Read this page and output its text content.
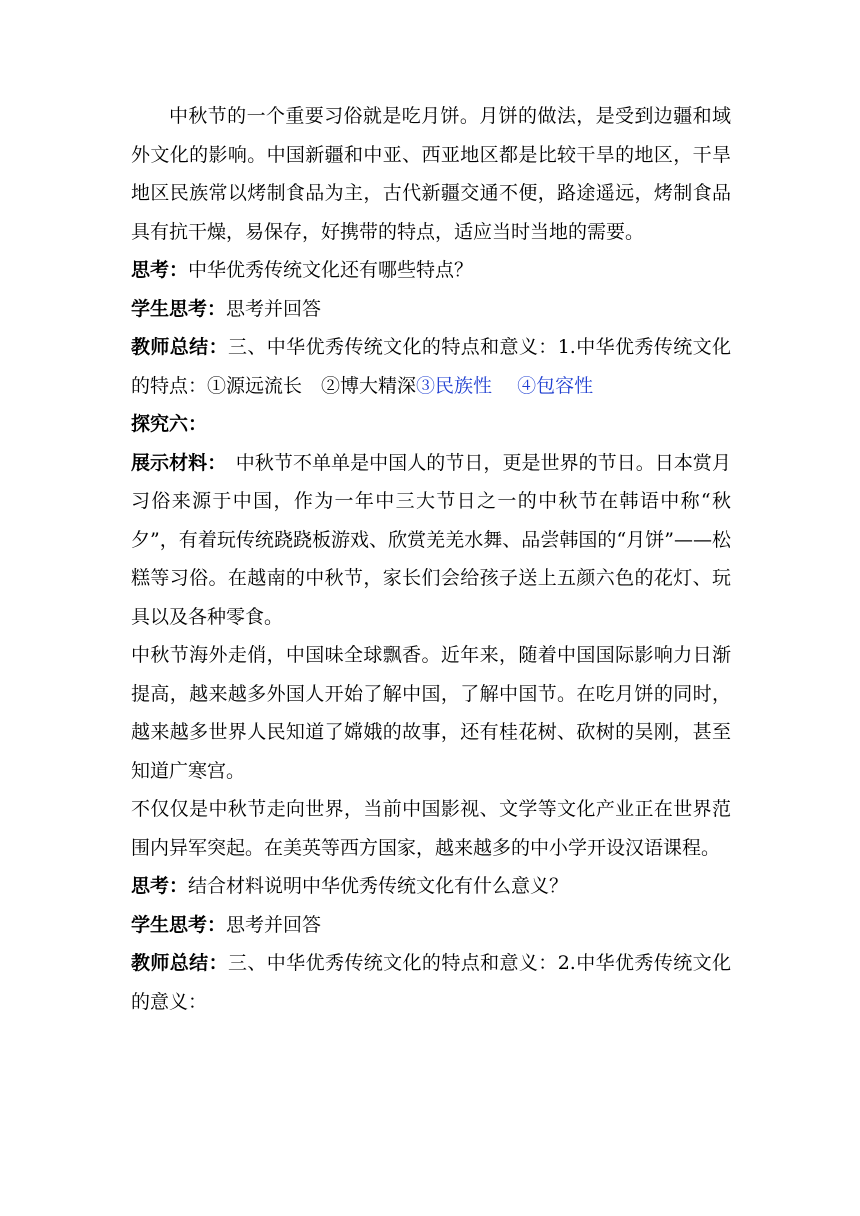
中秋节的一个重要习俗就是吃月饼。月饼的做法，是受到边疆和域外文化的影响。中国新疆和中亚、西亚地区都是比较干旱的地区，干旱地区民族常以烤制食品为主，古代新疆交通不便，路途遥远，烤制食品具有抗干燥，易保存，好携带的特点，适应当时当地的需要。

思考：中华优秀传统文化还有哪些特点？

学生思考：思考并回答

教师总结：三、中华优秀传统文化的特点和意义：1.中华优秀传统文化的特点：①源远流长　②博大精深③民族性　 ④包容性

探究六：

展示材料：　中秋节不单单是中国人的节日，更是世界的节日。日本赏月习俗来源于中国，作为一年中三大节日之一的中秋节在韩语中称“秋夕”，有着玩传统跷跷板游戏、欣赏羌羌水舞、品尝韩国的“月饼”——松糕等习俗。在越南的中秋节，家长们会给孩子送上五颜六色的花灯、玩具以及各种零食。

中秋节海外走俏，中国味全球飘香。近年来，随着中国国际影响力日渐提高，越来越多外国人开始了解中国，了解中国节。在吃月饼的同时，越来越多世界人民知道了嫦娥的故事，还有桂花树、砍树的吴刚，甚至知道广寒宫。

不仅仅是中秋节走向世界，当前中国影视、文学等文化产业正在世界范围内异军突起。在美英等西方国家，越来越多的中小学开设汉语课程。

思考：结合材料说明中华优秀传统文化有什么意义？

学生思考：思考并回答

教师总结：三、中华优秀传统文化的特点和意义：2.中华优秀传统文化的意义：
